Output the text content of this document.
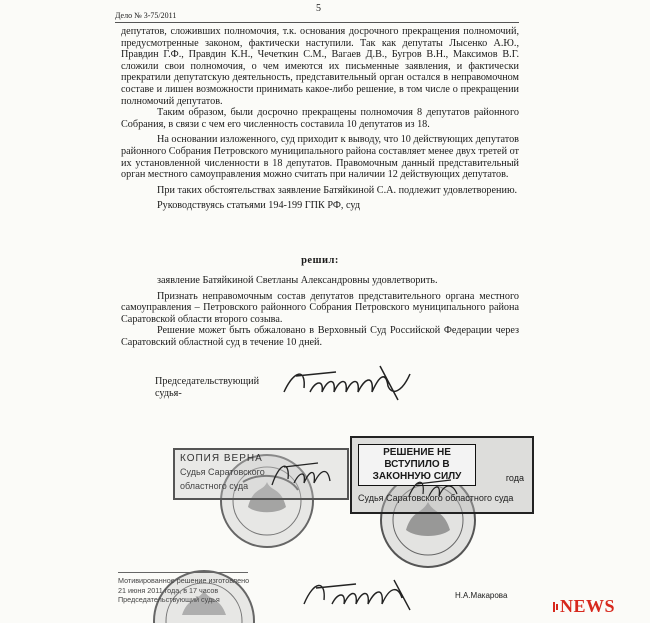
5
Дело № 3-75/2011

депутатов, сложивших полномочия, т.к. основания досрочного прекращения полномочий, предусмотренные законом, фактически наступили. Так как депутаты Лысенко А.Ю., Правдин Г.Ф., Правдин К.Н., Чечеткин С.М., Вагаев Д.В., Бугров В.Н., Максимов В.Г. сложили свои полномочия, о чем имеются их письменные заявления, и фактически прекратили депутатскую деятельность, представительный орган остался в неправомочном составе и лишен возможности принимать какое-либо решение, в том числе о прекращении полномочий депутатов.

Таким образом, были досрочно прекращены полномочия 8 депутатов районного Собрания, в связи с чем его численность составила 10 депутатов из 18.

На основании изложенного, суд приходит к выводу, что 10 действующих депутатов районного Собрания Петровского муниципального района составляет менее двух третей от их установленной численности в 18 депутатов. Правомочным данный представительный орган местного самоуправления можно считать при наличии 12 действующих депутатов.

При таких обстоятельствах заявление Батяйкиной С.А. подлежит удовлетворению.

Руководствуясь статьями 194-199 ГПК РФ, суд

решил:

заявление Батяйкиной Светланы Александровны удовлетворить.

Признать неправомочным состав депутатов представительного органа местного самоуправления – Петровского районного Собрания Петровского муниципального района Саратовской области второго созыва.

Решение может быть обжаловано в Верховный Суд Российской Федерации через Саратовский областной суд в течение 10 дней.

Председательствующий
судья-
КОПИЯ ВЕРНА
Судья Саратовского
областного суда
РЕШЕНИЕ НЕ ВСТУПИЛО В ЗАКОННУЮ СИЛУ	года
Судья Саратовского областного суда
Мотивированное решение изготовлено
21 июня 2011 года, в 17 часов
Председательствующий судья	Н.А.Макарова
NEWS
